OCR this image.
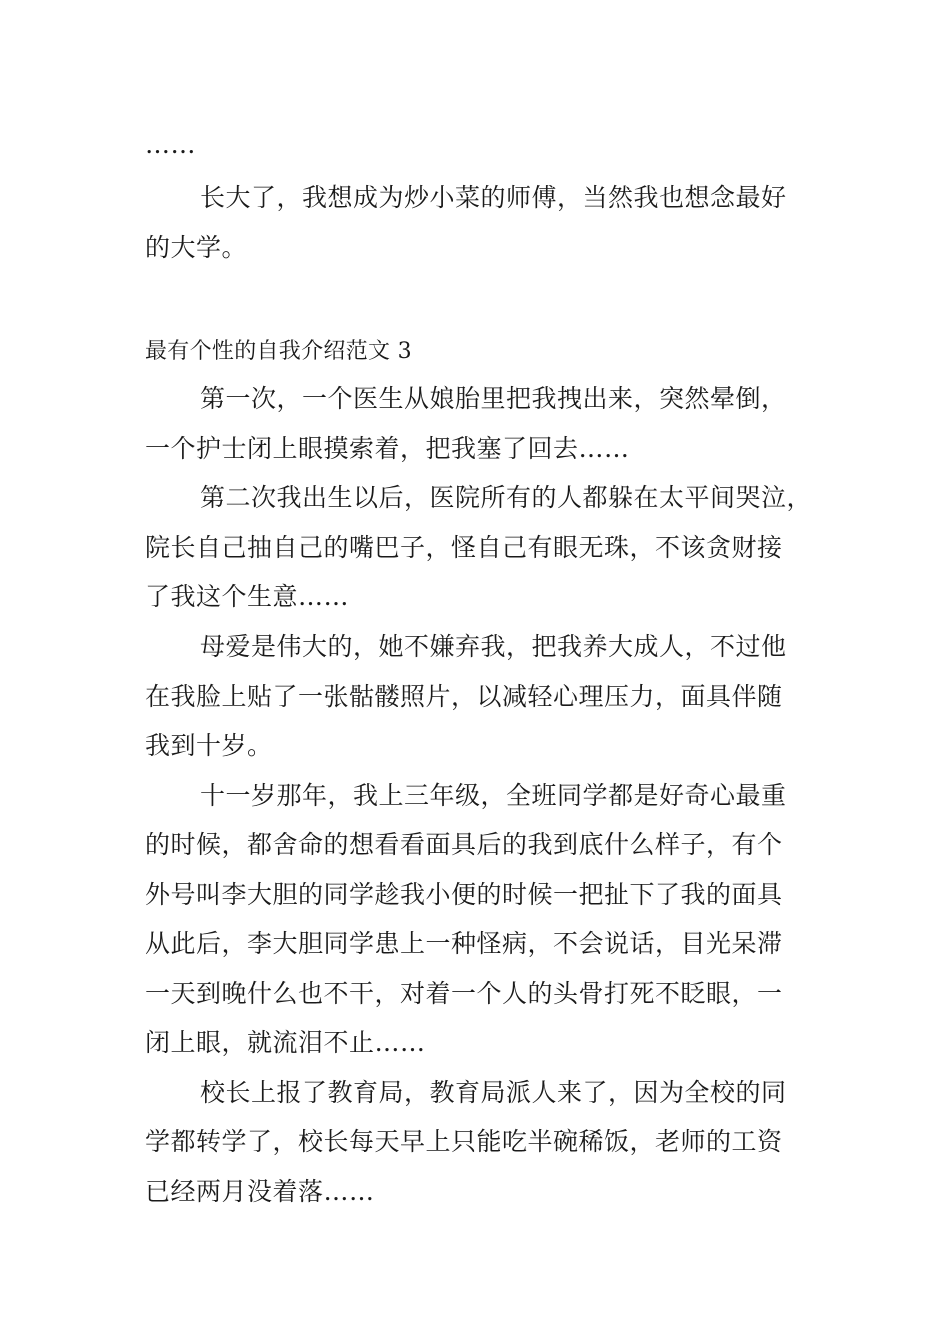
……
长大了，我想成为炒小菜的师傅，当然我也想念最好
的大学。
最有个性的自我介绍范文 3
第一次，一个医生从娘胎里把我拽出来，突然晕倒，
一个护士闭上眼摸索着，把我塞了回去……
第二次我出生以后，医院所有的人都躲在太平间哭泣，
院长自己抽自己的嘴巴子，怪自己有眼无珠，不该贪财接
了我这个生意……
母爱是伟大的，她不嫌弃我，把我养大成人，不过他
在我脸上贴了一张骷髅照片，以减轻心理压力，面具伴随
我到十岁。
十一岁那年，我上三年级，全班同学都是好奇心最重
的时候，都舍命的想看看面具后的我到底什么样子，有个
外号叫李大胆的同学趁我小便的时候一把扯下了我的面具
从此后，李大胆同学患上一种怪病，不会说话，目光呆滞
一天到晚什么也不干，对着一个人的头骨打死不眨眼，一
闭上眼，就流泪不止……
校长上报了教育局，教育局派人来了，因为全校的同
学都转学了，校长每天早上只能吃半碗稀饭，老师的工资
已经两月没着落……
